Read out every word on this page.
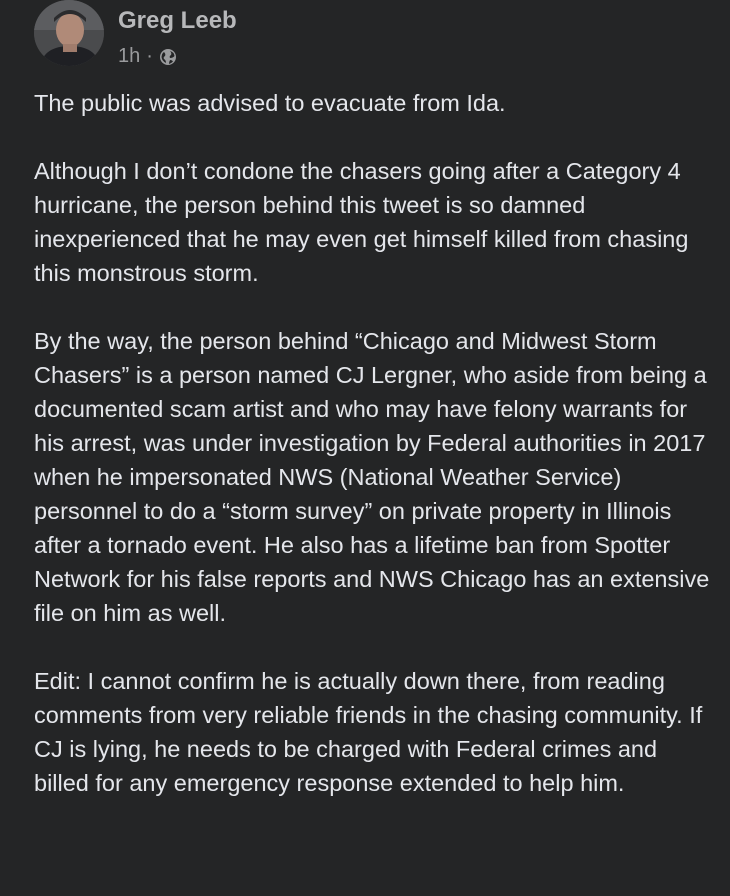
Greg Leeb
1h ·

The public was advised to evacuate from Ida.

Although I don’t condone the chasers going after a Category 4 hurricane, the person behind this tweet is so damned inexperienced that he may even get himself killed from chasing this monstrous storm.

By the way, the person behind “Chicago and Midwest Storm Chasers” is a person named CJ Lergner, who aside from being a documented scam artist and who may have felony warrants for his arrest, was under investigation by Federal authorities in 2017 when he impersonated NWS (National Weather Service) personnel to do a “storm survey” on private property in Illinois after a tornado event. He also has a lifetime ban from Spotter Network for his false reports and NWS Chicago has an extensive file on him as well.

Edit: I cannot confirm he is actually down there, from reading comments from very reliable friends in the chasing community. If CJ is lying, he needs to be charged with Federal crimes and billed for any emergency response extended to help him.
